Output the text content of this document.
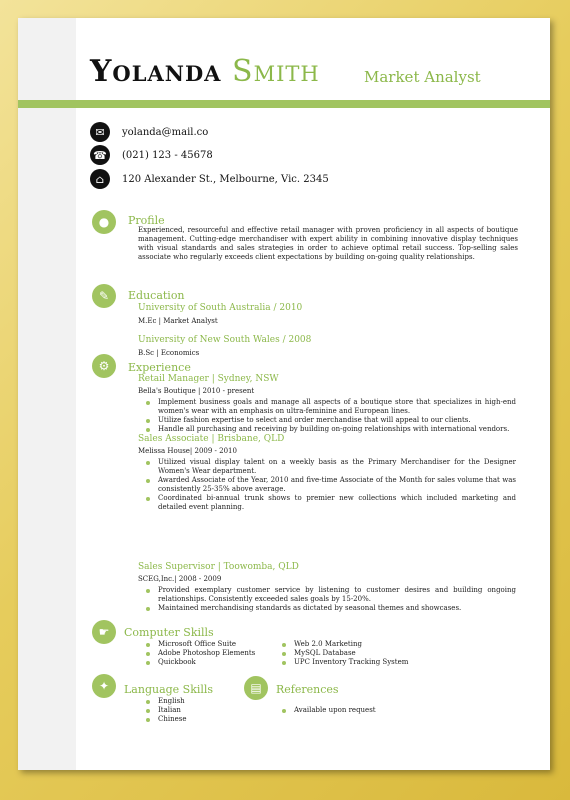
Yolanda Smith	Market Analyst
✉	yolanda@mail.co
☎	(021) 123 - 45678
⌂	120 Alexander St., Melbourne, Vic. 2345
●	Profile
Experienced, resourceful and effective retail manager with proven proficiency in all aspects of boutique management. Cutting-edge merchandiser with expert ability in combining innovative display techniques with visual standards and sales strategies in order to achieve optimal retail success. Top-selling sales associate who regularly exceeds client expectations by building on-going quality relationships.
✎	Education
University of South Australia / 2010
M.Ec | Market Analyst
University of New South Wales / 2008
B.Sc | Economics
⚙	Experience
Retail Manager | Sydney, NSW
Bella's Boutique | 2010 - present
Implement business goals and manage all aspects of a boutique store that specializes in high-end women's wear with an emphasis on ultra-feminine and European lines.
Utilize fashion expertise to select and order merchandise that will appeal to our clients.
Handle all purchasing and receiving by building on-going relationships with international vendors.
Sales Associate | Brisbane, QLD
Melissa House| 2009 - 2010
Utilized visual display talent on a weekly basis as the Primary Merchandiser for the Designer Women's Wear department.
Awarded Associate of the Year, 2010 and five-time Associate of the Month for sales volume that was consistently 25-35% above average.
Coordinated bi-annual trunk shows to premier new collections which included marketing and detailed event planning.
Sales Supervisor | Toowomba, QLD
SCEG,Inc.| 2008 - 2009
Provided exemplary customer service by listening to customer desires and building ongoing relationships. Consistently exceeded sales goals by 15-20%.
Maintained merchandising standards as dictated by seasonal themes and showcases.
☛	Computer Skills
Microsoft Office Suite
Adobe Photoshop Elements
Quickbook
Web 2.0 Marketing
MySQL Database
UPC Inventory Tracking System
✦	Language Skills
English
Italian
Chinese
▤	References
Available upon request
